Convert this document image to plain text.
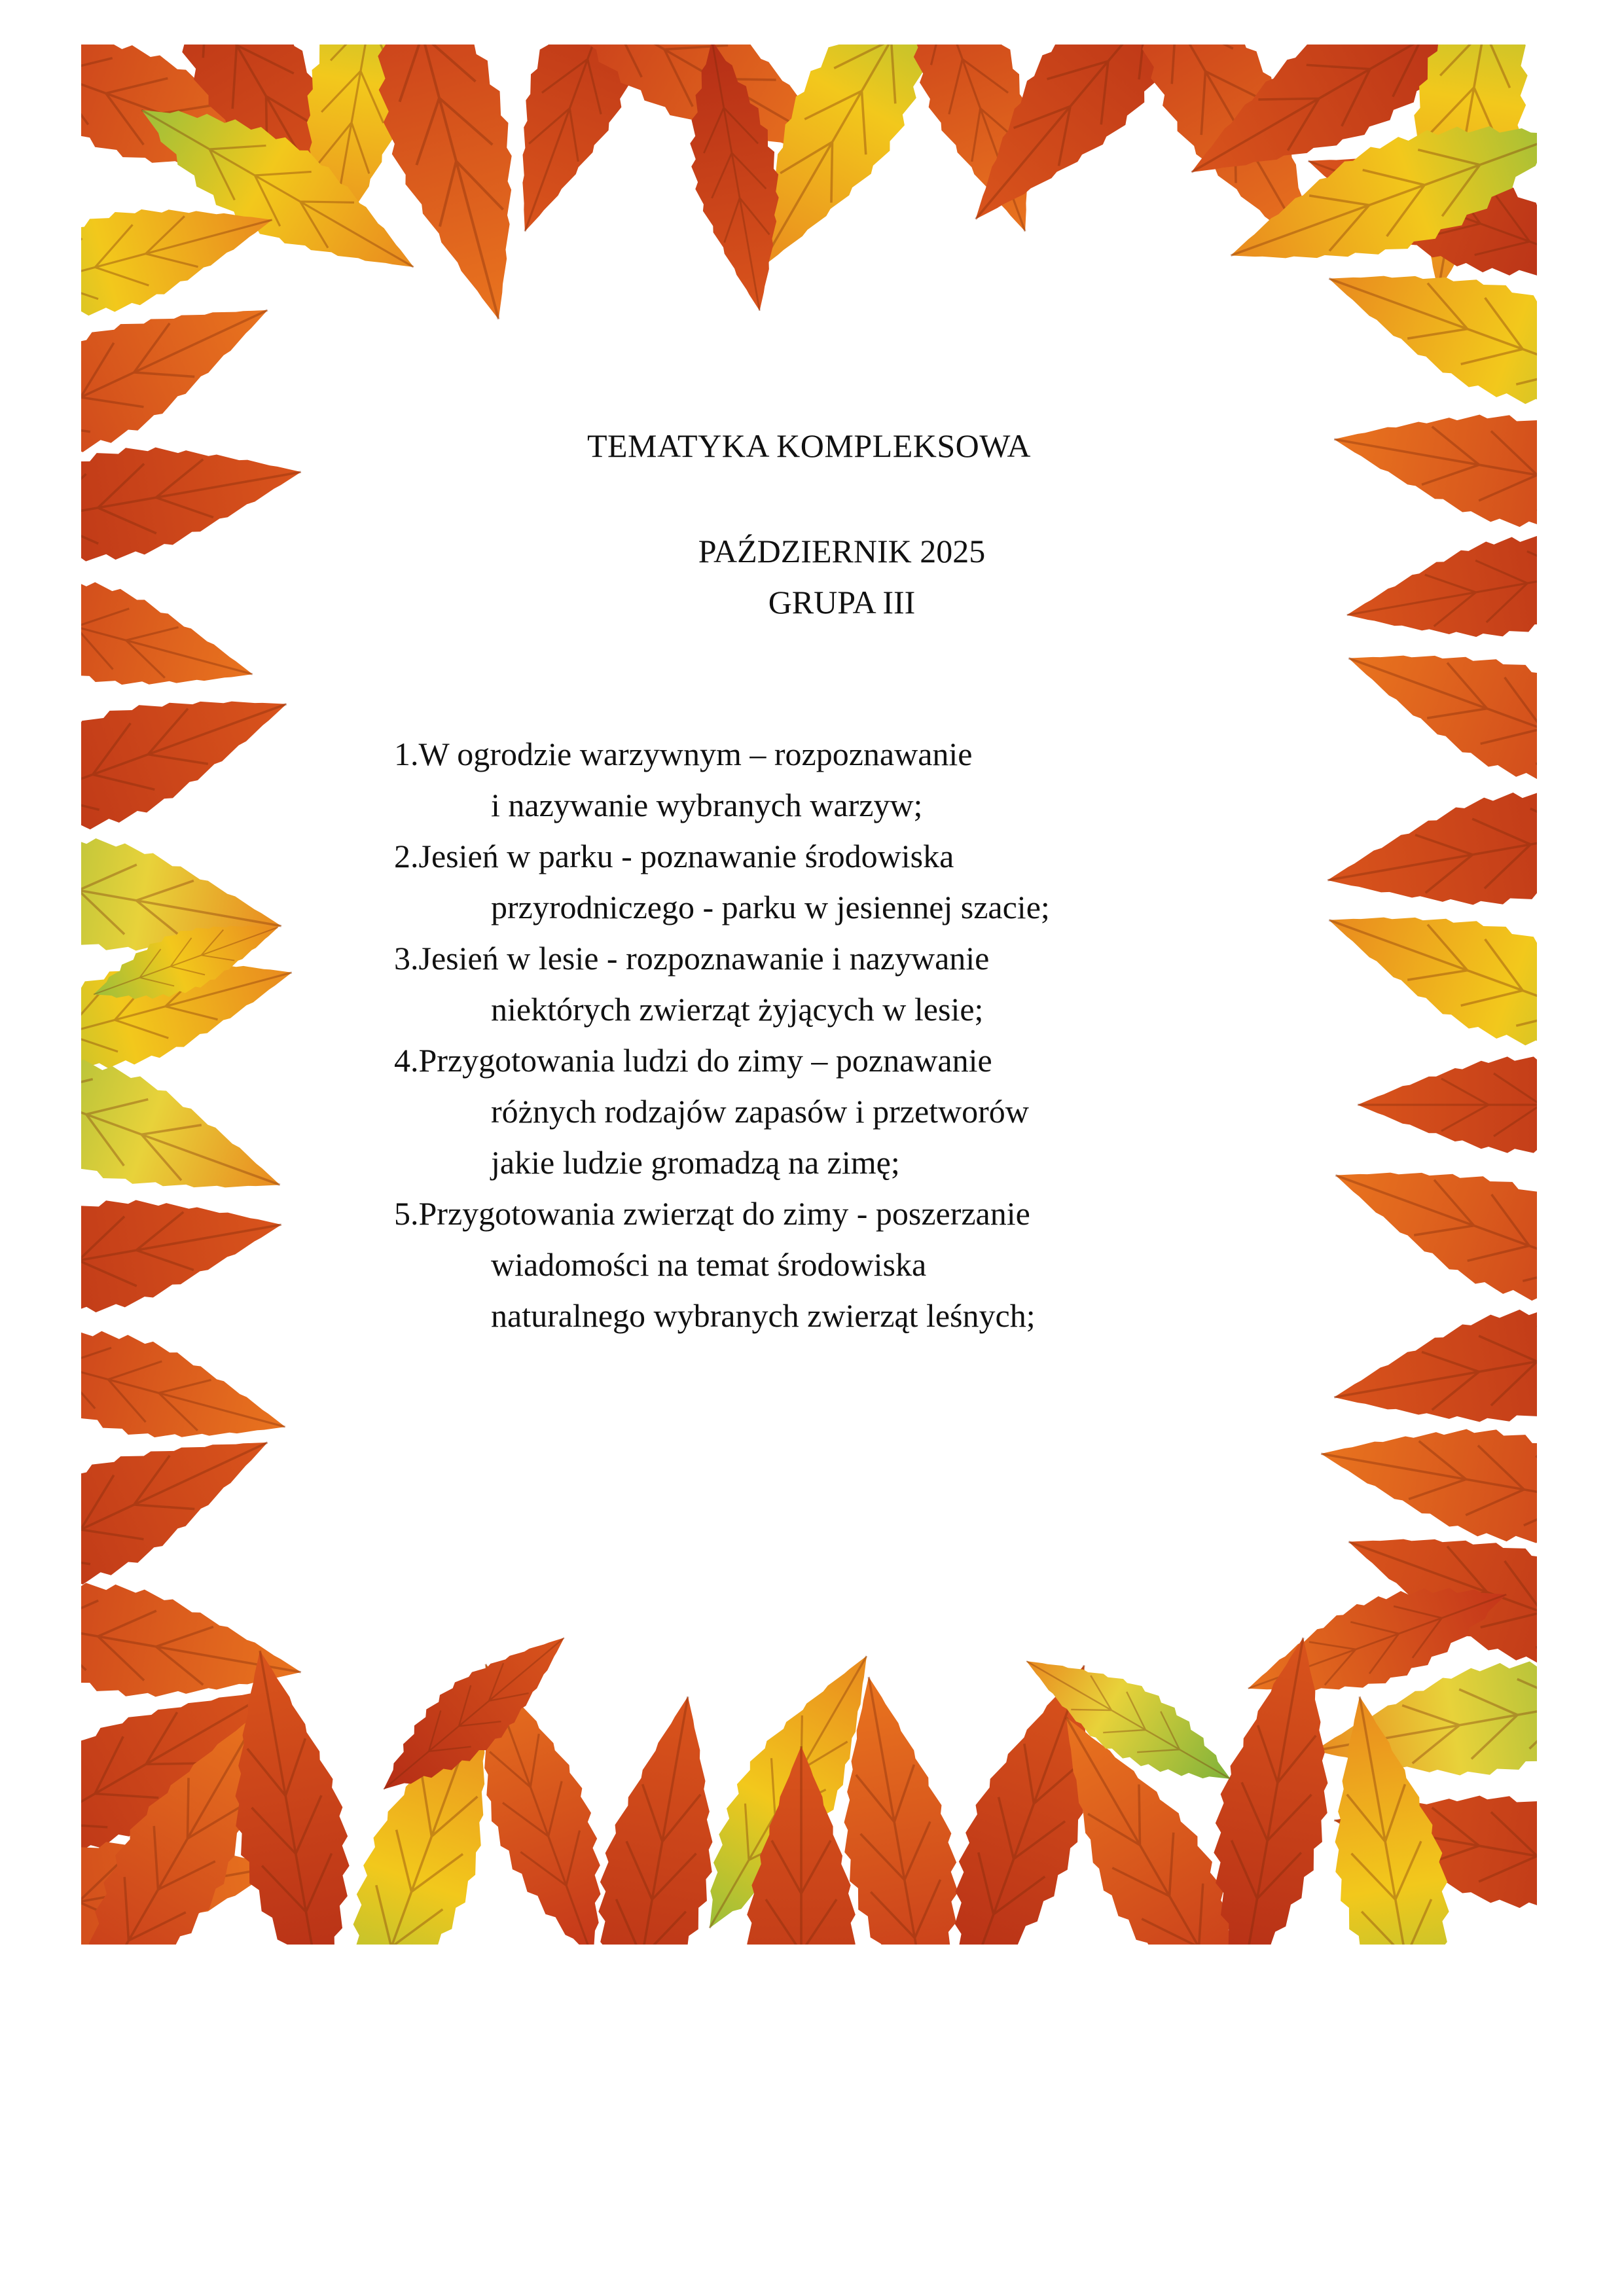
TEMATYKA KOMPLEKSOWA
PAŹDZIERNIK 2025
GRUPA III
1.W ogrodzie warzywnym – rozpoznawanie
i nazywanie wybranych warzyw;
2.Jesień w parku - poznawanie środowiska
przyrodniczego - parku w jesiennej szacie;
3.Jesień w lesie - rozpoznawanie i nazywanie
niektórych zwierząt żyjących w lesie;
4.Przygotowania ludzi do zimy – poznawanie
różnych rodzajów zapasów i przetworów
jakie ludzie gromadzą na zimę;
5.Przygotowania zwierząt do zimy - poszerzanie
wiadomości na temat środowiska
naturalnego wybranych zwierząt leśnych;
